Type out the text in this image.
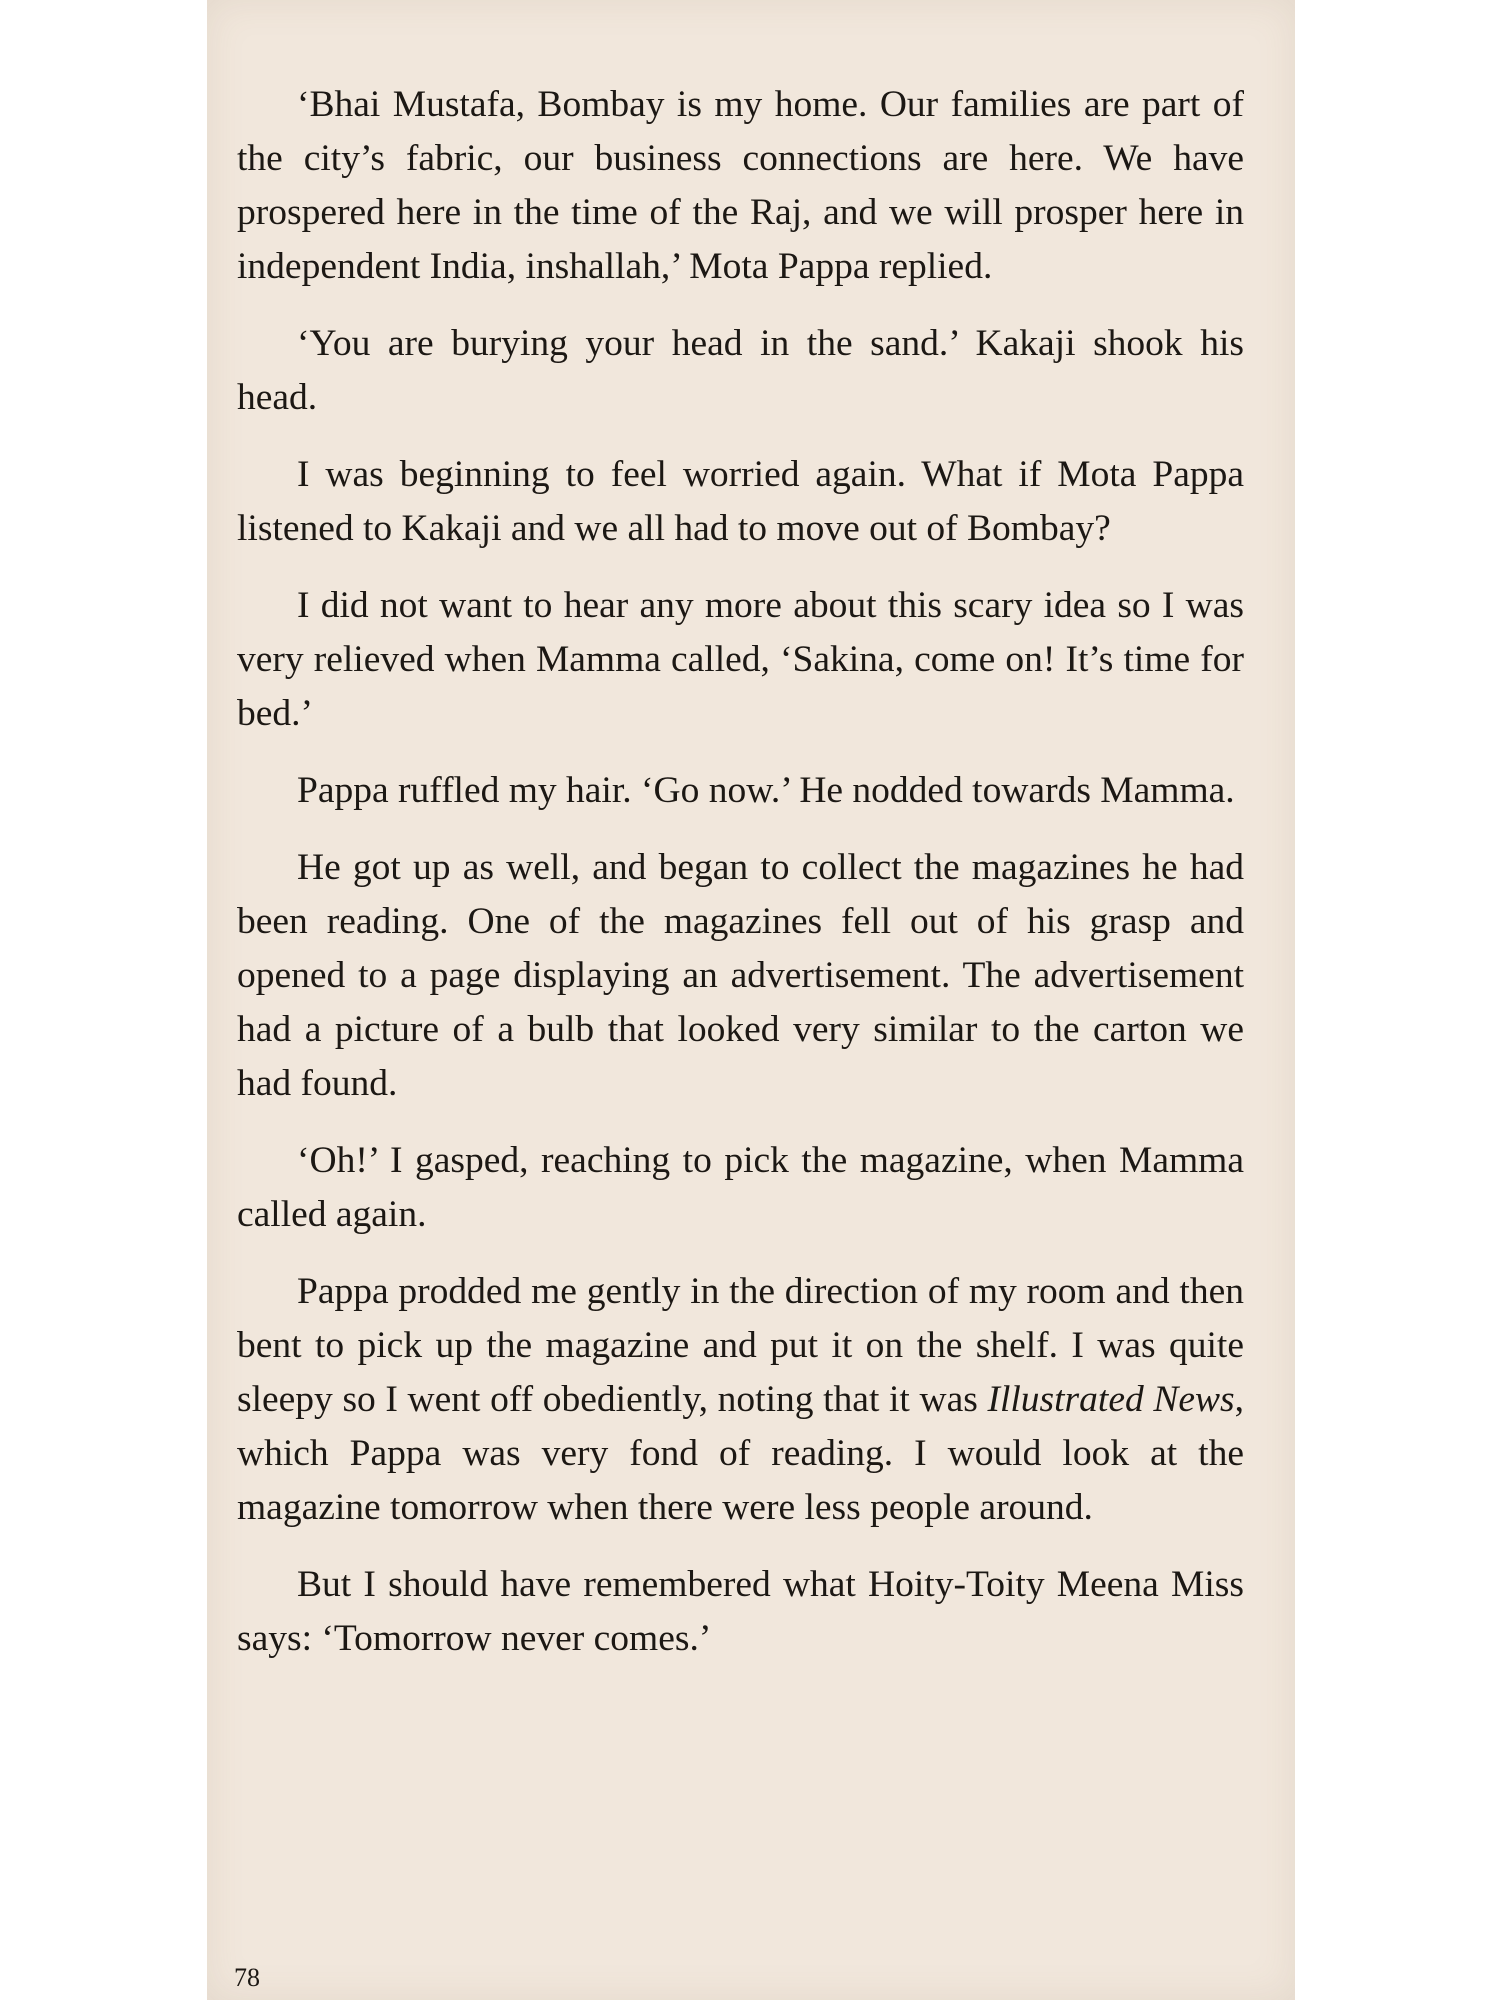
‘Bhai Mustafa, Bombay is my home. Our families are part of the city’s fabric, our business connections are here. We have prospered here in the time of the Raj, and we will prosper here in independent India, inshallah,’ Mota Pappa replied.

‘You are burying your head in the sand.’ Kakaji shook his head.

I was beginning to feel worried again. What if Mota Pappa listened to Kakaji and we all had to move out of Bombay?

I did not want to hear any more about this scary idea so I was very relieved when Mamma called, ‘Sakina, come on! It’s time for bed.’

Pappa ruffled my hair. ‘Go now.’ He nodded towards Mamma.

He got up as well, and began to collect the magazines he had been reading. One of the magazines fell out of his grasp and opened to a page displaying an advertisement. The advertisement had a picture of a bulb that looked very similar to the carton we had found.

‘Oh!’ I gasped, reaching to pick the magazine, when Mamma called again.

Pappa prodded me gently in the direction of my room and then bent to pick up the magazine and put it on the shelf. I was quite sleepy so I went off obediently, noting that it was Illustrated News, which Pappa was very fond of reading. I would look at the magazine tomorrow when there were less people around.

But I should have remembered what Hoity-Toity Meena Miss says: ‘Tomorrow never comes.’

78
